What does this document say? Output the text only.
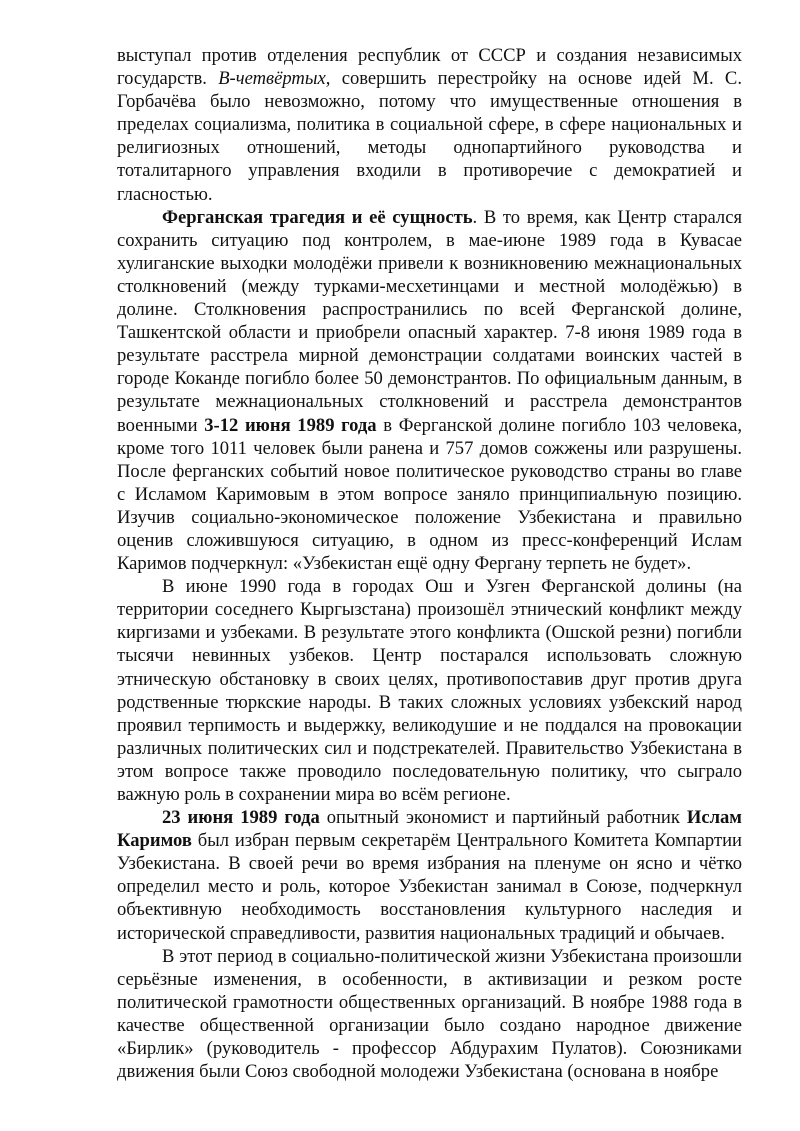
выступал против отделения республик от СССР и создания независимых государств. В-четвёртых, совершить перестройку на основе идей М. С. Горбачёва было невозможно, потому что имущественные отношения в пределах социализма, политика в социальной сфере, в сфере национальных и религиозных отношений, методы однопартийного руководства и тоталитарного управления входили в противоречие с демократией и гласностью.

Ферганская трагедия и её сущность. В то время, как Центр старался сохранить ситуацию под контролем, в мае-июне 1989 года в Кувасае хулиганские выходки молодёжи привели к возникновению межнациональных столкновений (между турками-месхетинцами и местной молодёжью) в долине. Столкновения распространились по всей Ферганской долине, Ташкентской области и приобрели опасный характер. 7-8 июня 1989 года в результате расстрела мирной демонстрации солдатами воинских частей в городе Коканде погибло более 50 демонстрантов. По официальным данным, в результате межнациональных столкновений и расстрела демонстрантов военными 3-12 июня 1989 года в Ферганской долине погибло 103 человека, кроме того 1011 человек были ранена и 757 домов сожжены или разрушены. После ферганских событий новое политическое руководство страны во главе с Исламом Каримовым в этом вопросе заняло принципиальную позицию. Изучив социально-экономическое положение Узбекистана и правильно оценив сложившуюся ситуацию, в одном из пресс-конференций Ислам Каримов подчеркнул: «Узбекистан ещё одну Фергану терпеть не будет».

В июне 1990 года в городах Ош и Узген Ферганской долины (на территории соседнего Кыргызстана) произошёл этнический конфликт между киргизами и узбеками. В результате этого конфликта (Ошской резни) погибли тысячи невинных узбеков. Центр постарался использовать сложную этническую обстановку в своих целях, противопоставив друг против друга родственные тюркские народы. В таких сложных условиях узбекский народ проявил терпимость и выдержку, великодушие и не поддался на провокации различных политических сил и подстрекателей. Правительство Узбекистана в этом вопросе также проводило последовательную политику, что сыграло важную роль в сохранении мира во всём регионе.

23 июня 1989 года опытный экономист и партийный работник Ислам Каримов был избран первым секретарём Центрального Комитета Компартии Узбекистана. В своей речи во время избрания на пленуме он ясно и чётко определил место и роль, которое Узбекистан занимал в Союзе, подчеркнул объективную необходимость восстановления культурного наследия и исторической справедливости, развития национальных традиций и обычаев.

В этот период в социально-политической жизни Узбекистана произошли серьёзные изменения, в особенности, в активизации и резком росте политической грамотности общественных организаций. В ноябре 1988 года в качестве общественной организации было создано народное движение «Бирлик» (руководитель - профессор Абдурахим Пулатов). Союзниками движения были Союз свободной молодежи Узбекистана (основана в ноябре
